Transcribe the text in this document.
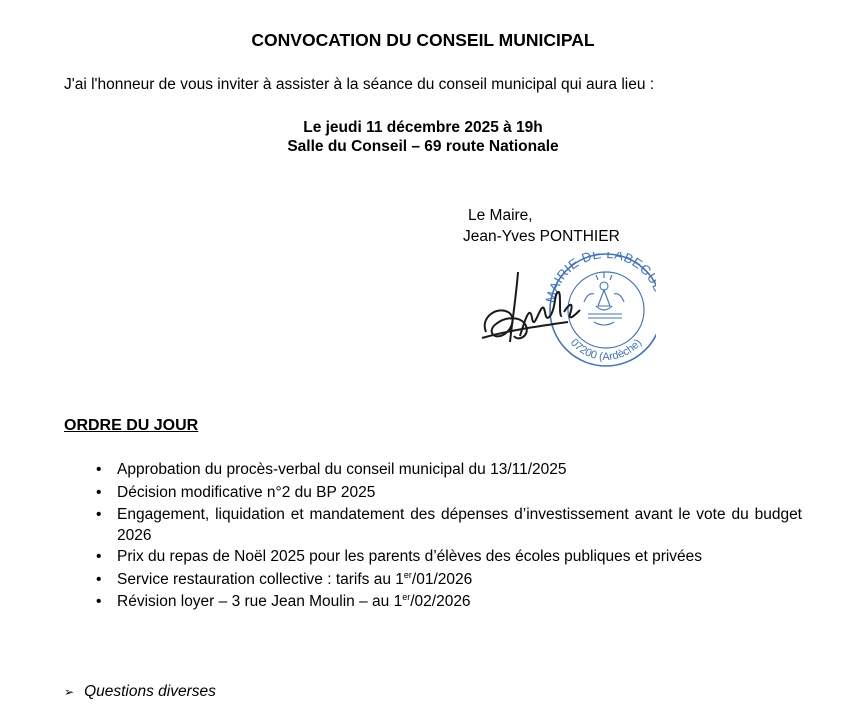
CONVOCATION DU CONSEIL MUNICIPAL
J'ai l'honneur de vous inviter à assister à la séance du conseil municipal qui aura lieu :
Le jeudi 11 décembre 2025 à 19h
Salle du Conseil – 69 route Nationale
Le Maire,
Jean-Yves PONTHIER
MAIRIE DE LABEG
07200 (Ardèche)
ORDRE DU JOUR
• Approbation du procès-verbal du conseil municipal du 13/11/2025
• Décision modificative n°2 du BP 2025
• Engagement, liquidation et mandatement des dépenses d’investissement avant le vote du budget 2026
• Prix du repas de Noël 2025 pour les parents d’élèves des écoles publiques et privées
• Service restauration collective : tarifs au 1er/01/2026
• Révision loyer – 3 rue Jean Moulin – au 1er/02/2026
➢ Questions diverses
